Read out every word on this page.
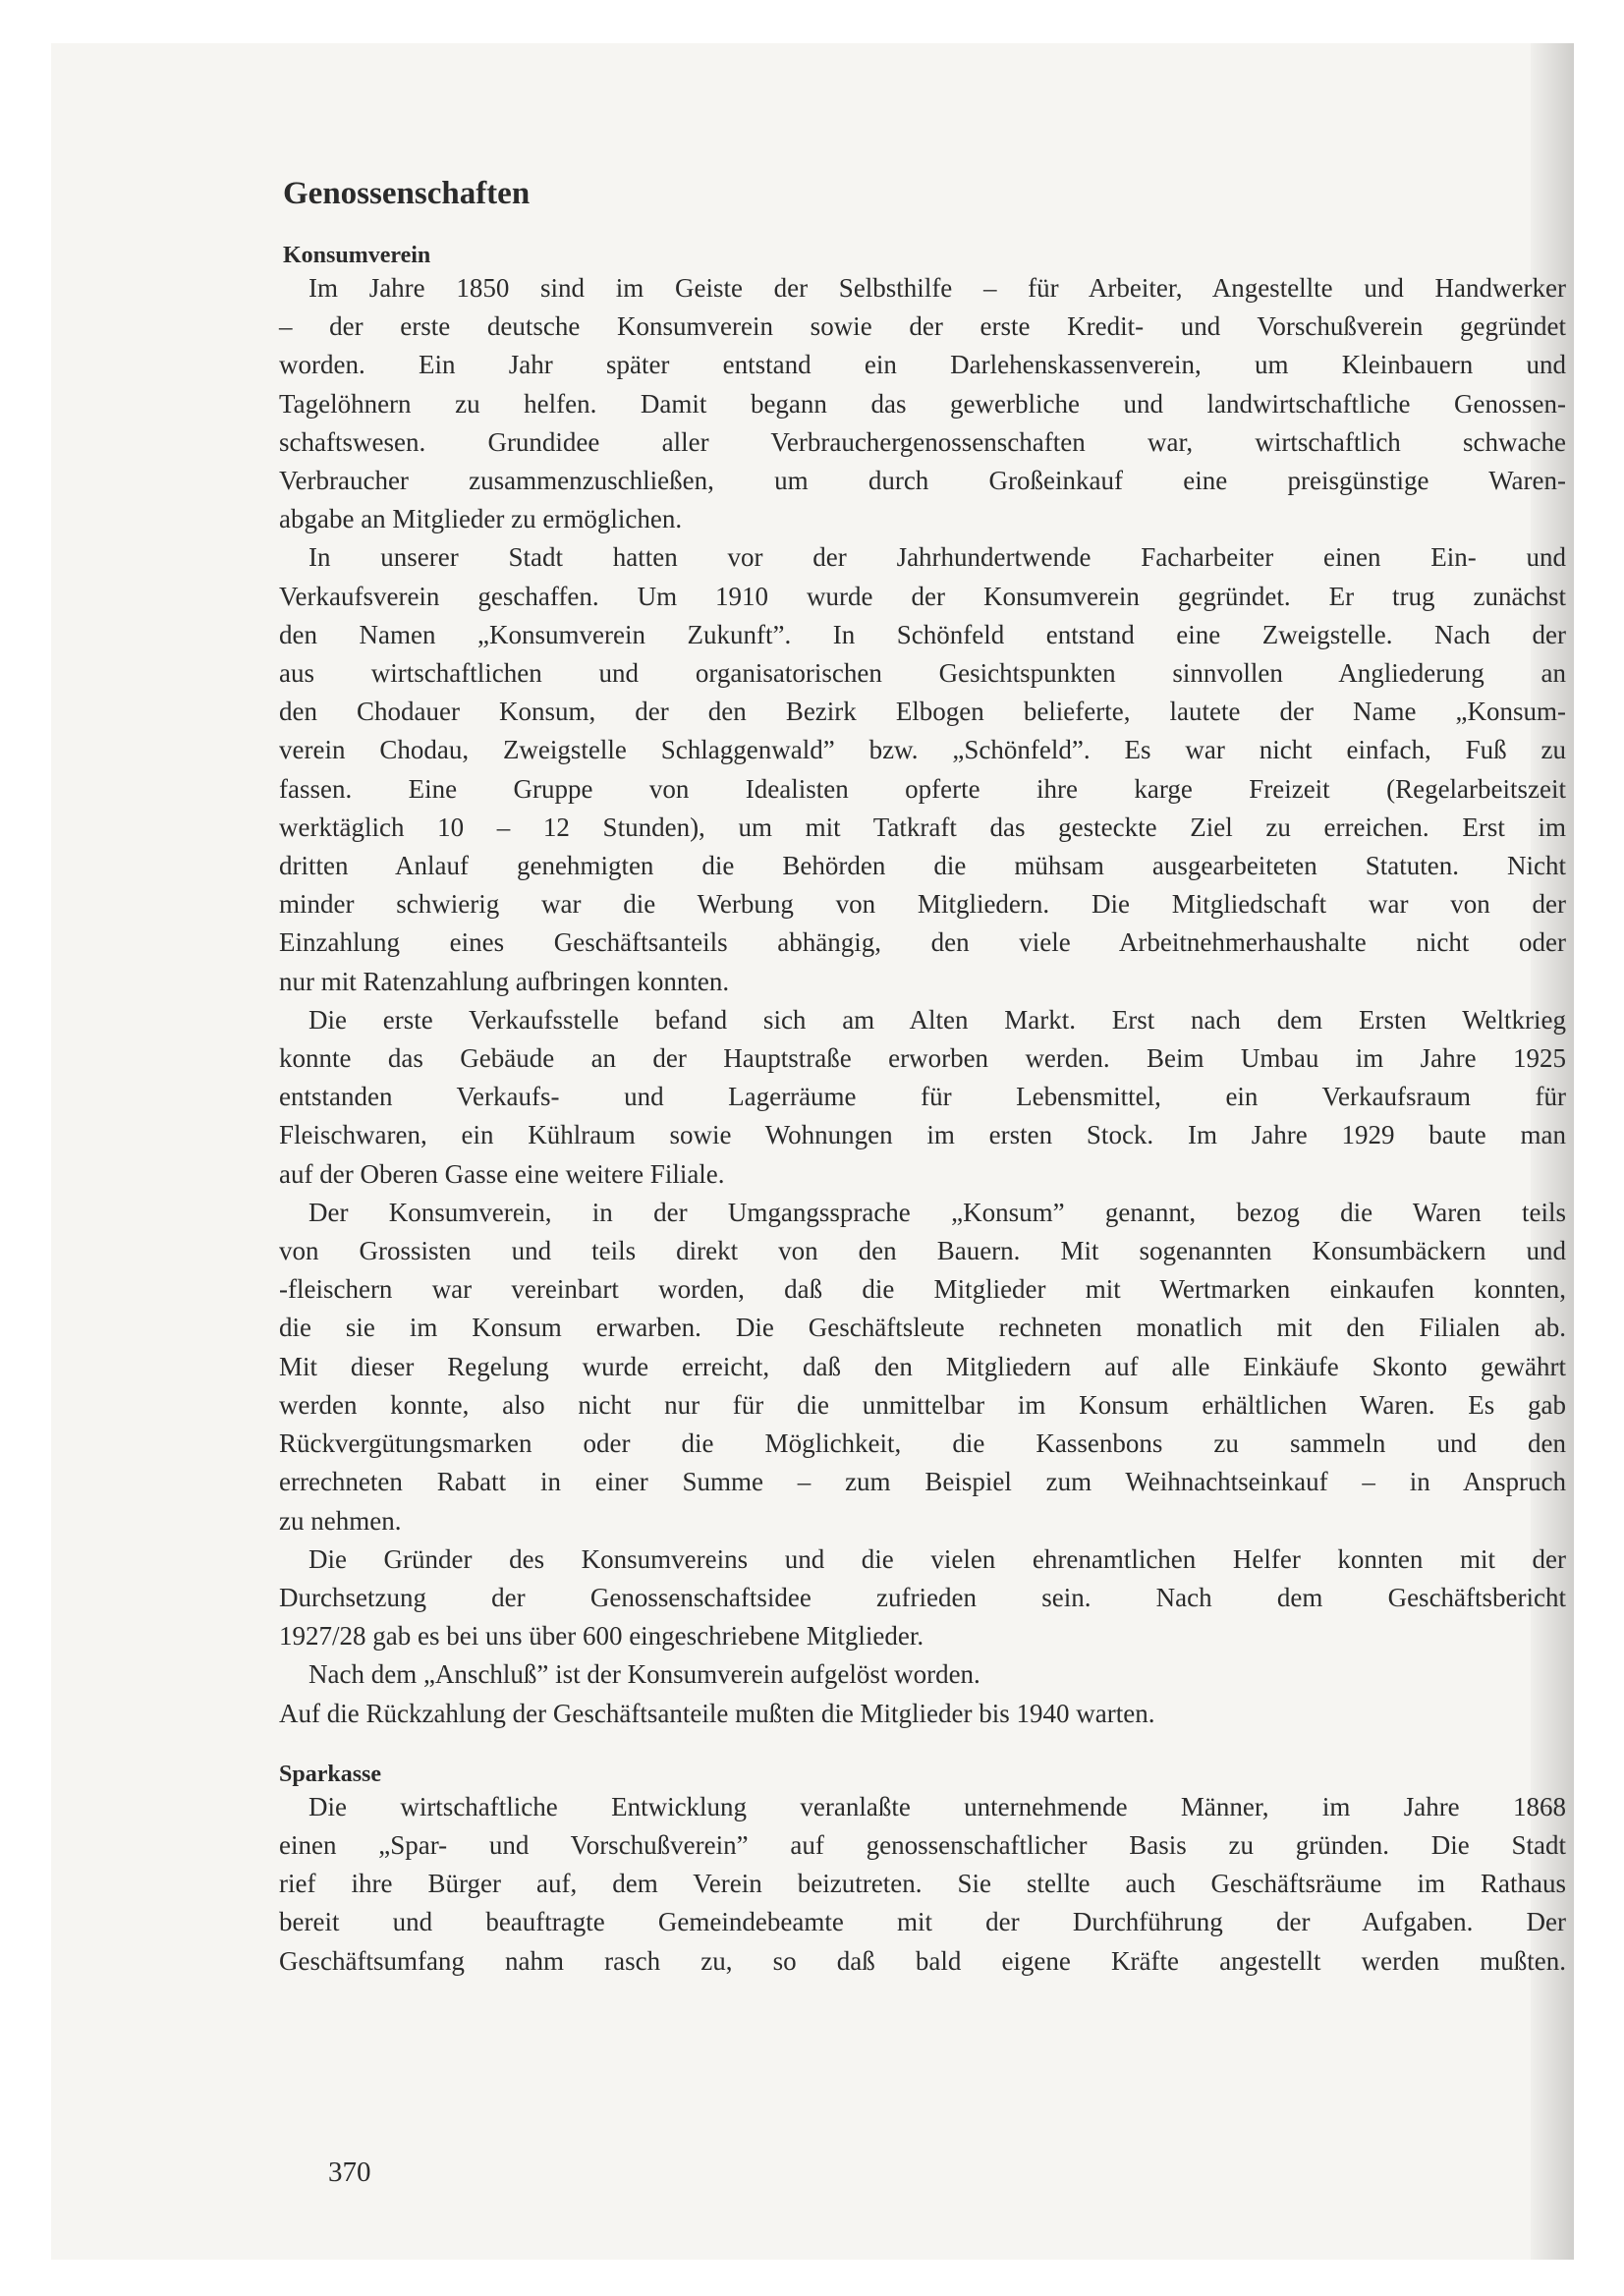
Genossenschaften
Konsumverein
Im Jahre 1850 sind im Geiste der Selbsthilfe – für Arbeiter, Angestellte und Handwerker
– der erste deutsche Konsumverein sowie der erste Kredit- und Vorschußverein gegründet
worden. Ein Jahr später entstand ein Darlehenskassenverein, um Kleinbauern und
Tagelöhnern zu helfen. Damit begann das gewerbliche und landwirtschaftliche Genossen-
schaftswesen. Grundidee aller Verbrauchergenossenschaften war, wirtschaftlich schwache
Verbraucher zusammenzuschließen, um durch Großeinkauf eine preisgünstige Waren-
abgabe an Mitglieder zu ermöglichen.
In unserer Stadt hatten vor der Jahrhundertwende Facharbeiter einen Ein- und
Verkaufsverein geschaffen. Um 1910 wurde der Konsumverein gegründet. Er trug zunächst
den Namen „Konsumverein Zukunft”. In Schönfeld entstand eine Zweigstelle. Nach der
aus wirtschaftlichen und organisatorischen Gesichtspunkten sinnvollen Angliederung an
den Chodauer Konsum, der den Bezirk Elbogen belieferte, lautete der Name „Konsum-
verein Chodau, Zweigstelle Schlaggenwald” bzw. „Schönfeld”. Es war nicht einfach, Fuß zu
fassen. Eine Gruppe von Idealisten opferte ihre karge Freizeit (Regelarbeitszeit
werktäglich 10 – 12 Stunden), um mit Tatkraft das gesteckte Ziel zu erreichen. Erst im
dritten Anlauf genehmigten die Behörden die mühsam ausgearbeiteten Statuten. Nicht
minder schwierig war die Werbung von Mitgliedern. Die Mitgliedschaft war von der
Einzahlung eines Geschäftsanteils abhängig, den viele Arbeitnehmerhaushalte nicht oder
nur mit Ratenzahlung aufbringen konnten.
Die erste Verkaufsstelle befand sich am Alten Markt. Erst nach dem Ersten Weltkrieg
konnte das Gebäude an der Hauptstraße erworben werden. Beim Umbau im Jahre 1925
entstanden Verkaufs- und Lagerräume für Lebensmittel, ein Verkaufsraum für
Fleischwaren, ein Kühlraum sowie Wohnungen im ersten Stock. Im Jahre 1929 baute man
auf der Oberen Gasse eine weitere Filiale.
Der Konsumverein, in der Umgangssprache „Konsum” genannt, bezog die Waren teils
von Grossisten und teils direkt von den Bauern. Mit sogenannten Konsumbäckern und
-fleischern war vereinbart worden, daß die Mitglieder mit Wertmarken einkaufen konnten,
die sie im Konsum erwarben. Die Geschäftsleute rechneten monatlich mit den Filialen ab.
Mit dieser Regelung wurde erreicht, daß den Mitgliedern auf alle Einkäufe Skonto gewährt
werden konnte, also nicht nur für die unmittelbar im Konsum erhältlichen Waren. Es gab
Rückvergütungsmarken oder die Möglichkeit, die Kassenbons zu sammeln und den
errechneten Rabatt in einer Summe – zum Beispiel zum Weihnachtseinkauf – in Anspruch
zu nehmen.
Die Gründer des Konsumvereins und die vielen ehrenamtlichen Helfer konnten mit der
Durchsetzung der Genossenschaftsidee zufrieden sein. Nach dem Geschäftsbericht
1927/28 gab es bei uns über 600 eingeschriebene Mitglieder.
Nach dem „Anschluß” ist der Konsumverein aufgelöst worden.
Auf die Rückzahlung der Geschäftsanteile mußten die Mitglieder bis 1940 warten.
Sparkasse
Die wirtschaftliche Entwicklung veranlaßte unternehmende Männer, im Jahre 1868
einen „Spar- und Vorschußverein” auf genossenschaftlicher Basis zu gründen. Die Stadt
rief ihre Bürger auf, dem Verein beizutreten. Sie stellte auch Geschäftsräume im Rathaus
bereit und beauftragte Gemeindebeamte mit der Durchführung der Aufgaben. Der
Geschäftsumfang nahm rasch zu, so daß bald eigene Kräfte angestellt werden mußten.
370
